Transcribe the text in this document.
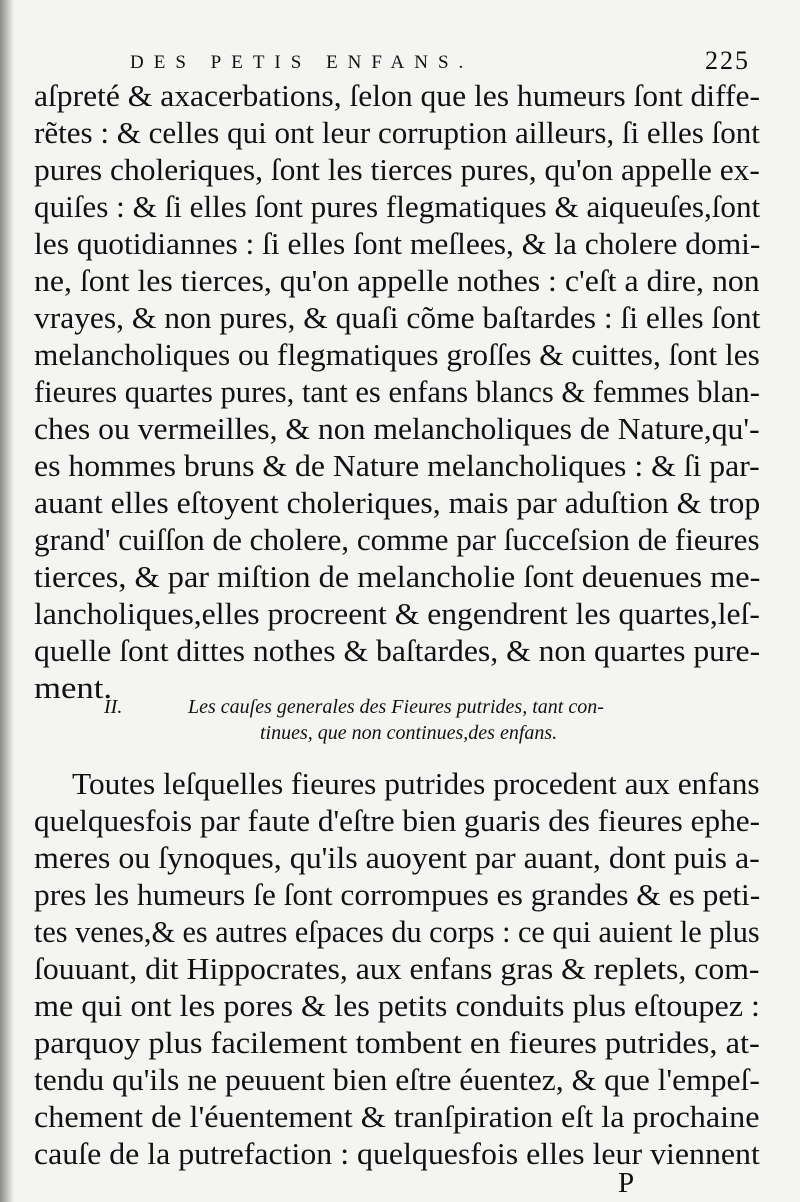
DES PETIS ENFANS.	225
aſpreté & axacerbations, ſelon que les humeurs ſont diffe-
rẽtes : & celles qui ont leur corruption ailleurs, ſi elles ſont
pures choleriques, ſont les tierces pures, qu'on appelle ex-
quiſes : & ſi elles ſont pures flegmatiques & aiqueuſes,ſont
les quotidiannes : ſi elles ſont meſlees, & la cholere domi-
ne, ſont les tierces, qu'on appelle nothes : c'eſt a dire, non
vrayes, & non pures, & quaſi cõme baſtardes : ſi elles ſont
melancholiques ou flegmatiques groſſes & cuittes, ſont les
fieures quartes pures, tant es enfans blancs & femmes blan-
ches ou vermeilles, & non melancholiques de Nature,qu'-
es hommes bruns & de Nature melancholiques : & ſi par-
auant elles eſtoyent choleriques, mais par aduſtion & trop
grand' cuiſſon de cholere, comme par ſucceſsion de fieures
tierces, & par miſtion de melancholie ſont deuenues me-
lancholiques,elles procreent & engendrent les quartes,leſ-
quelle ſont dittes nothes & baſtardes, & non quartes pure-
ment.
II.	Les cauſes generales des Fieures putrides, tant con-
tinues, que non continues,des enfans.
Toutes leſquelles fieures putrides procedent aux enfans
quelquesfois par faute d'eſtre bien guaris des fieures ephe-
meres ou ſynoques, qu'ils auoyent par auant, dont puis a-
pres les humeurs ſe ſont corrompues es grandes & es peti-
tes venes,& es autres eſpaces du corps : ce qui auient le plus
ſouuant, dit Hippocrates, aux enfans gras & replets, com-
me qui ont les pores & les petits conduits plus eſtoupez :
parquoy plus facilement tombent en fieures putrides, at-
tendu qu'ils ne peuuent bien eſtre éuentez, & que l'empeſ-
chement de l'éuentement & tranſpiration eſt la prochaine
cauſe de la putrefaction : quelquesfois elles leur viennent
P
